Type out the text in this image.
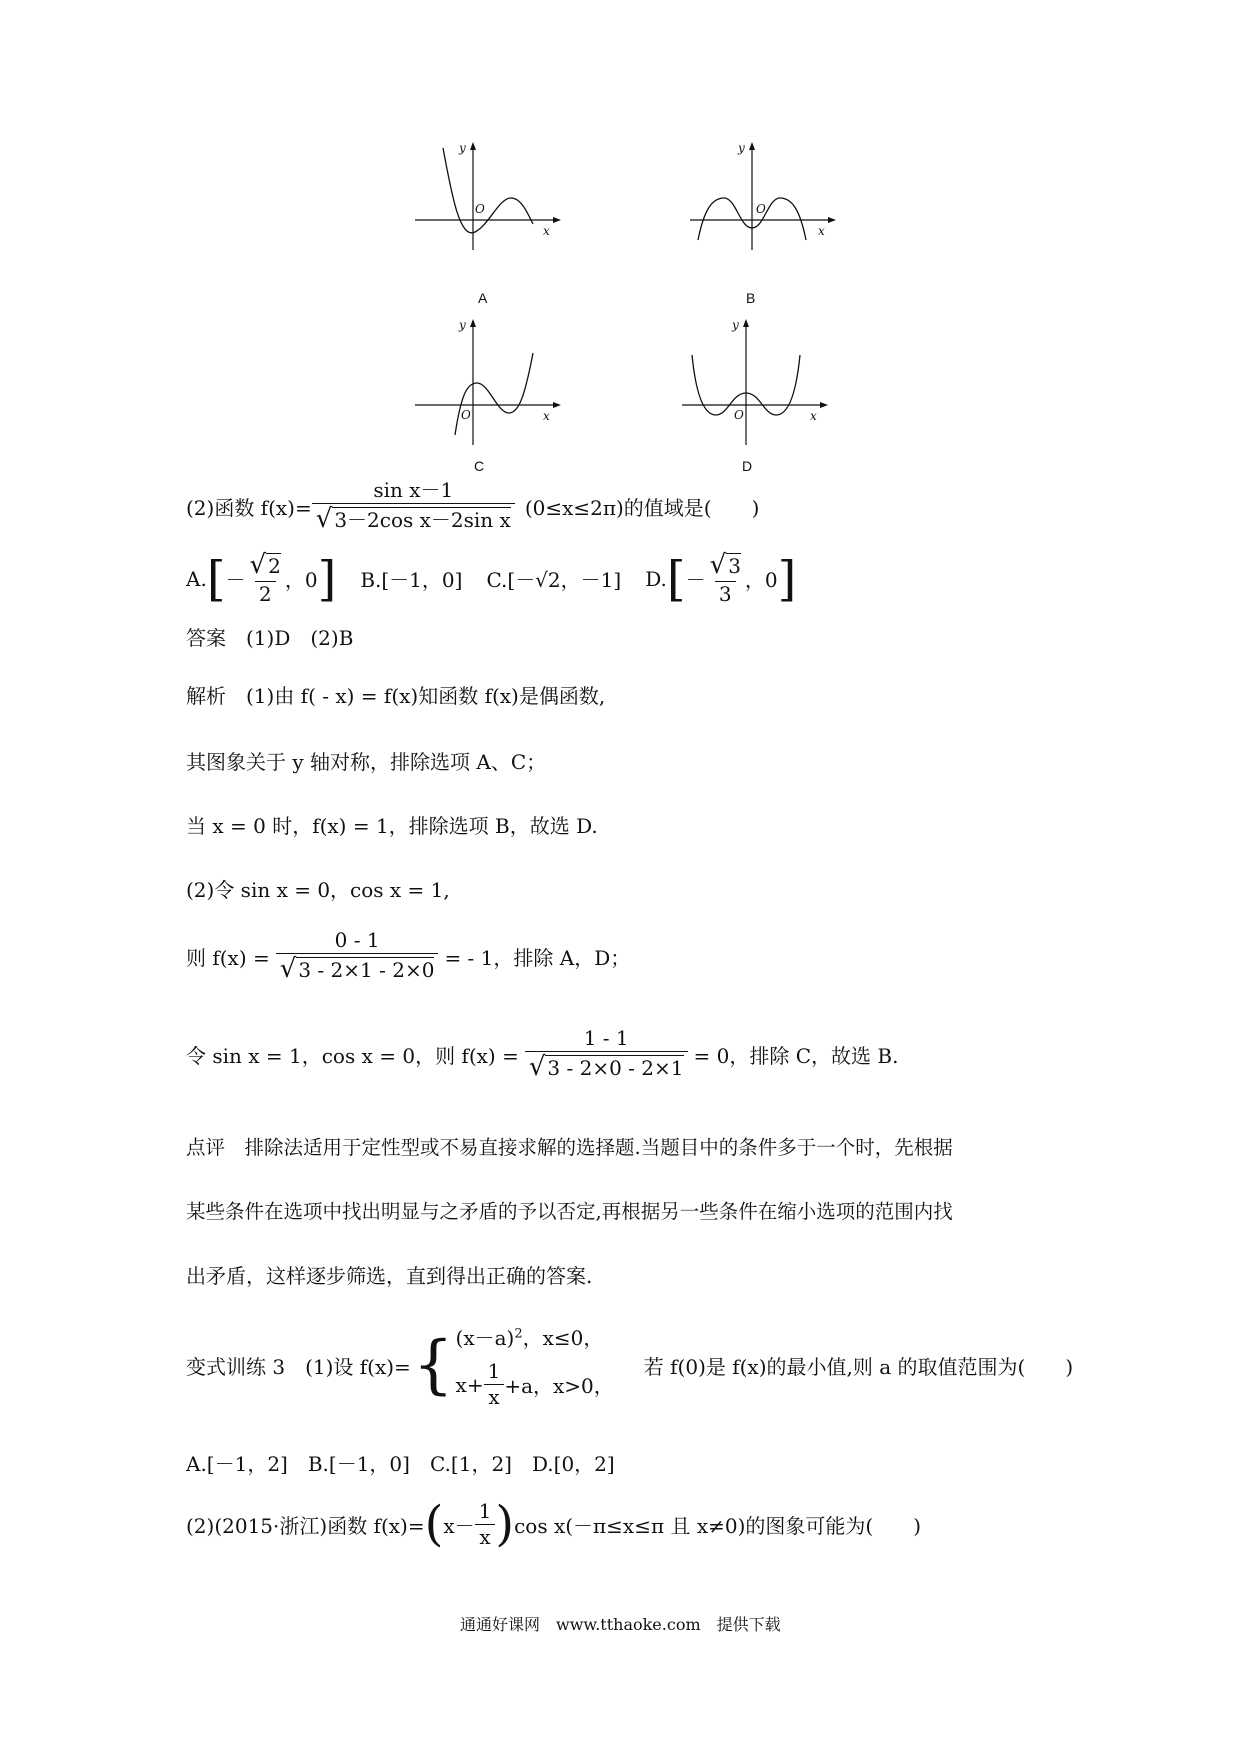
y
x
O
A
y
x
O
B
y
x
O
C
y
x
O
D
(2)函数 $f(x)= \frac{\text{sin x－1}}{\text{√ 3－2cos x－2sin x}} (0\le x\le 2\pi)$的值域是(　　)
A. [ － $\frac{√ 2}{2}$ ，0 ] B.[－1，0] C.[－√2，－1] D. [ － $\frac{√ 3}{3}$ ，0 ]
答案　(1)D　(2)B
解析　(1)由 f( - x) = f(x)知函数 f(x)是偶函数,
其图象关于 y 轴对称，排除选项 A、C；
当 x = 0 时，f(x) = 1，排除选项 B，故选 D.
(2)令 sin x = 0，cos x = 1,
则 $f(x) = \frac{0 - 1}{√ 3 - 2\times 1 - 2\times 0}$ = - 1，排除 A，D；
令 sin x = 1，cos x = 0，则 $f(x) = \frac{1 - 1}{√ 3 - 2\times 0 - 2\times 1} = 0$，排除 C，故选 B.
点评　排除法适用于定性型或不易直接求解的选择题.当题目中的条件多于一个时，先根据
某些条件在选项中找出明显与之矛盾的予以否定,再根据另一些条件在缩小选项的范围内找
出矛盾，这样逐步筛选，直到得出正确的答案.
变式训练 3　(1)设 f(x)= { $(x-a)^2$，x≤0，
$x+ \frac{1}{x} +a$，x>0，
若 f(0)是 f(x)的最小值,则 a 的取值范围为(　　)
A.[－1，2]　B.[－1，0]　C.[1，2]　D.[0，2]
(2)(2015·浙江)函数 f(x)= ( $x- \frac{1}{x}$ ) cos x(－π≤x≤π 且 x≠0)的图象可能为(　　)
通通好课网　www.tthaoke.com　提供下载
